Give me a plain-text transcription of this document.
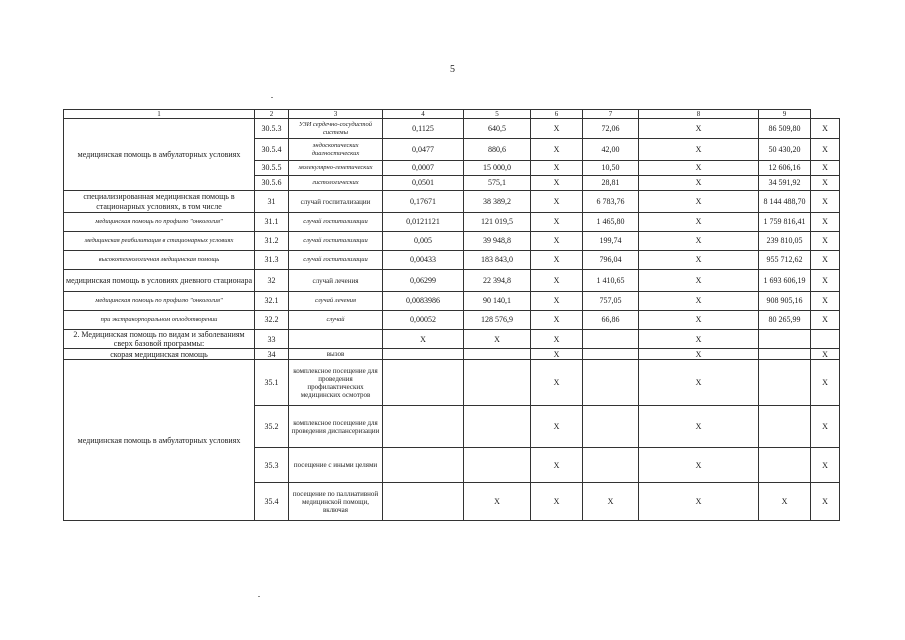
5
1	2	3	4	5	6	7	8	9	
медицинская помощь в амбулаторных условиях	30.5.3	УЗИ сердечно-сосудистой системы	0,1125	640,5	X	72,06	X	86 509,80	X
	30.5.4	эндоскопических диагностических	0,0477	880,6	X	42,00	X	50 430,20	X
	30.5.5	молекулярно-генетических	0,0007	15 000,0	X	10,50	X	12 606,16	X
	30.5.6	гистологических	0,0501	575,1	X	28,81	X	34 591,92	X
специализированная медицинская помощь в стационарных условиях, в том числе	31	случай госпитализации	0,17671	38 389,2	X	6 783,76	X	8 144 488,70	X
медицинская помощь по профилю "онкология"	31.1	случай госпитализации	0,0121121	121 019,5	X	1 465,80	X	1 759 816,41	X
медицинская реабилитация в стационарных условиях	31.2	случай госпитализации	0,005	39 948,8	X	199,74	X	239 810,05	X
высокотехнологичная медицинская помощь	31.3	случай госпитализации	0,00433	183 843,0	X	796,04	X	955 712,62	X
медицинская помощь в условиях дневного стационара	32	случай лечения	0,06299	22 394,8	X	1 410,65	X	1 693 606,19	X
медицинская помощь по профилю "онкология"	32.1	случай лечения	0,0083986	90 140,1	X	757,05	X	908 905,16	X
при экстракорпоральном оплодотворении	32.2	случай	0,00052	128 576,9	X	66,86	X	80 265,99	X
2. Медицинская помощь по видам и заболеваниям сверх базовой программы:	33		X	X	X		X		
скорая медицинская помощь	34	вызов			X		X		X
медицинская помощь в амбулаторных условиях	35.1	комплексное посещение для проведения профилактических медицинских осмотров			X		X		X
	35.2	комплексное посещение для проведения диспансеризации			X		X		X
	35.3	посещение с иными целями			X		X		X
	35.4	посещение по паллиативной медицинской помощи, включая		X	X	X	X	X	X
